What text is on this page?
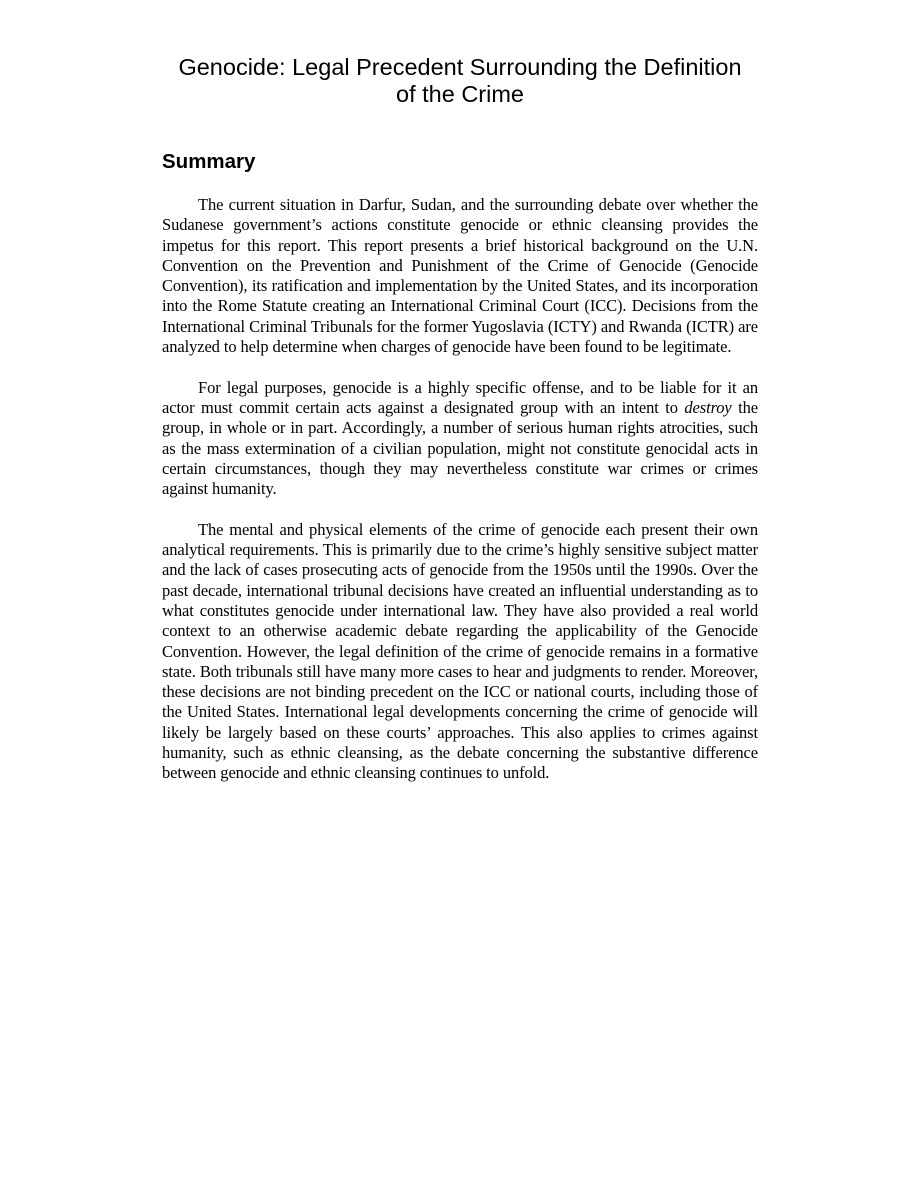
Genocide: Legal Precedent Surrounding the Definition of the Crime
Summary

The current situation in Darfur, Sudan, and the surrounding debate over whether the Sudanese government’s actions constitute genocide or ethnic cleansing provides the impetus for this report. This report presents a brief historical background on the U.N. Convention on the Prevention and Punishment of the Crime of Genocide (Genocide Convention), its ratification and implementation by the United States, and its incorporation into the Rome Statute creating an International Criminal Court (ICC). Decisions from the International Criminal Tribunals for the former Yugoslavia (ICTY) and Rwanda (ICTR) are analyzed to help determine when charges of genocide have been found to be legitimate.

For legal purposes, genocide is a highly specific offense, and to be liable for it an actor must commit certain acts against a designated group with an intent to destroy the group, in whole or in part. Accordingly, a number of serious human rights atrocities, such as the mass extermination of a civilian population, might not constitute genocidal acts in certain circumstances, though they may nevertheless constitute war crimes or crimes against humanity.

The mental and physical elements of the crime of genocide each present their own analytical requirements. This is primarily due to the crime’s highly sensitive subject matter and the lack of cases prosecuting acts of genocide from the 1950s until the 1990s. Over the past decade, international tribunal decisions have created an influential understanding as to what constitutes genocide under international law. They have also provided a real world context to an otherwise academic debate regarding the applicability of the Genocide Convention. However, the legal definition of the crime of genocide remains in a formative state. Both tribunals still have many more cases to hear and judgments to render. Moreover, these decisions are not binding precedent on the ICC or national courts, including those of the United States. International legal developments concerning the crime of genocide will likely be largely based on these courts’ approaches. This also applies to crimes against humanity, such as ethnic cleansing, as the debate concerning the substantive difference between genocide and ethnic cleansing continues to unfold.
